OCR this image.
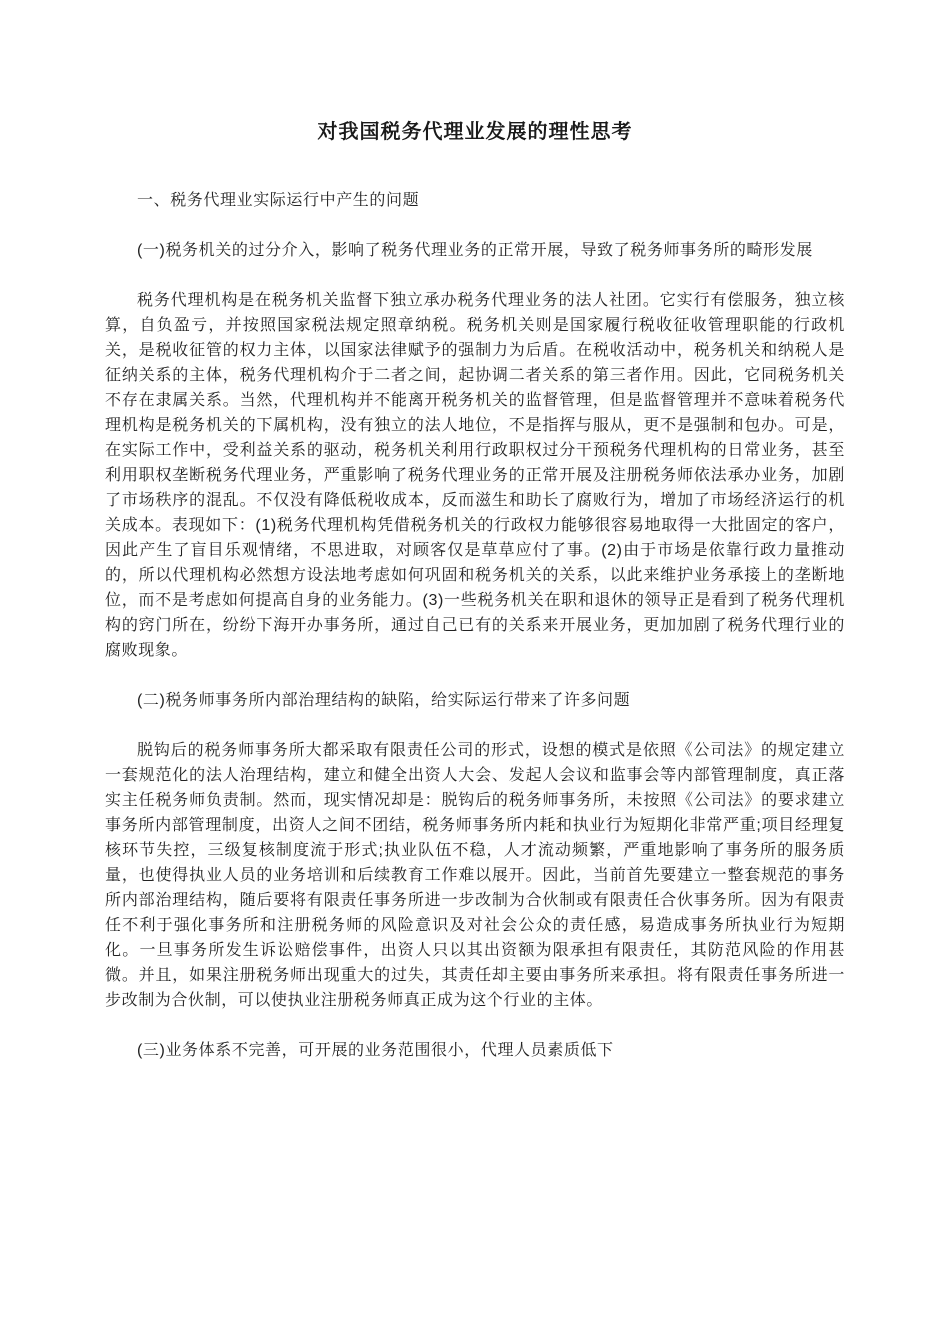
对我国税务代理业发展的理性思考

一、税务代理业实际运行中产生的问题

(一)税务机关的过分介入，影响了税务代理业务的正常开展，导致了税务师事务所的畸形发展

税务代理机构是在税务机关监督下独立承办税务代理业务的法人社团。它实行有偿服务，独立核算，自负盈亏，并按照国家税法规定照章纳税。税务机关则是国家履行税收征收管理职能的行政机关，是税收征管的权力主体，以国家法律赋予的强制力为后盾。在税收活动中，税务机关和纳税人是征纳关系的主体，税务代理机构介于二者之间，起协调二者关系的第三者作用。因此，它同税务机关不存在隶属关系。当然，代理机构并不能离开税务机关的监督管理，但是监督管理并不意味着税务代理机构是税务机关的下属机构，没有独立的法人地位，不是指挥与服从，更不是强制和包办。可是，在实际工作中，受利益关系的驱动，税务机关利用行政职权过分干预税务代理机构的日常业务，甚至利用职权垄断税务代理业务，严重影响了税务代理业务的正常开展及注册税务师依法承办业务，加剧了市场秩序的混乱。不仅没有降低税收成本，反而滋生和助长了腐败行为，增加了市场经济运行的机关成本。表现如下：(1)税务代理机构凭借税务机关的行政权力能够很容易地取得一大批固定的客户，因此产生了盲目乐观情绪，不思进取，对顾客仅是草草应付了事。(2)由于市场是依靠行政力量推动的，所以代理机构必然想方设法地考虑如何巩固和税务机关的关系，以此来维护业务承接上的垄断地位，而不是考虑如何提高自身的业务能力。(3)一些税务机关在职和退休的领导正是看到了税务代理机构的窍门所在，纷纷下海开办事务所，通过自己已有的关系来开展业务，更加加剧了税务代理行业的腐败现象。

(二)税务师事务所内部治理结构的缺陷，给实际运行带来了许多问题

脱钩后的税务师事务所大都采取有限责任公司的形式，设想的模式是依照《公司法》的规定建立一套规范化的法人治理结构，建立和健全出资人大会、发起人会议和监事会等内部管理制度，真正落实主任税务师负责制。然而，现实情况却是：脱钩后的税务师事务所，未按照《公司法》的要求建立事务所内部管理制度，出资人之间不团结，税务师事务所内耗和执业行为短期化非常严重;项目经理复核环节失控，三级复核制度流于形式;执业队伍不稳，人才流动频繁，严重地影响了事务所的服务质量，也使得执业人员的业务培训和后续教育工作难以展开。因此，当前首先要建立一整套规范的事务所内部治理结构，随后要将有限责任事务所进一步改制为合伙制或有限责任合伙事务所。因为有限责任不利于强化事务所和注册税务师的风险意识及对社会公众的责任感，易造成事务所执业行为短期化。一旦事务所发生诉讼赔偿事件，出资人只以其出资额为限承担有限责任，其防范风险的作用甚微。并且，如果注册税务师出现重大的过失，其责任却主要由事务所来承担。将有限责任事务所进一步改制为合伙制，可以使执业注册税务师真正成为这个行业的主体。

(三)业务体系不完善，可开展的业务范围很小，代理人员素质低下
